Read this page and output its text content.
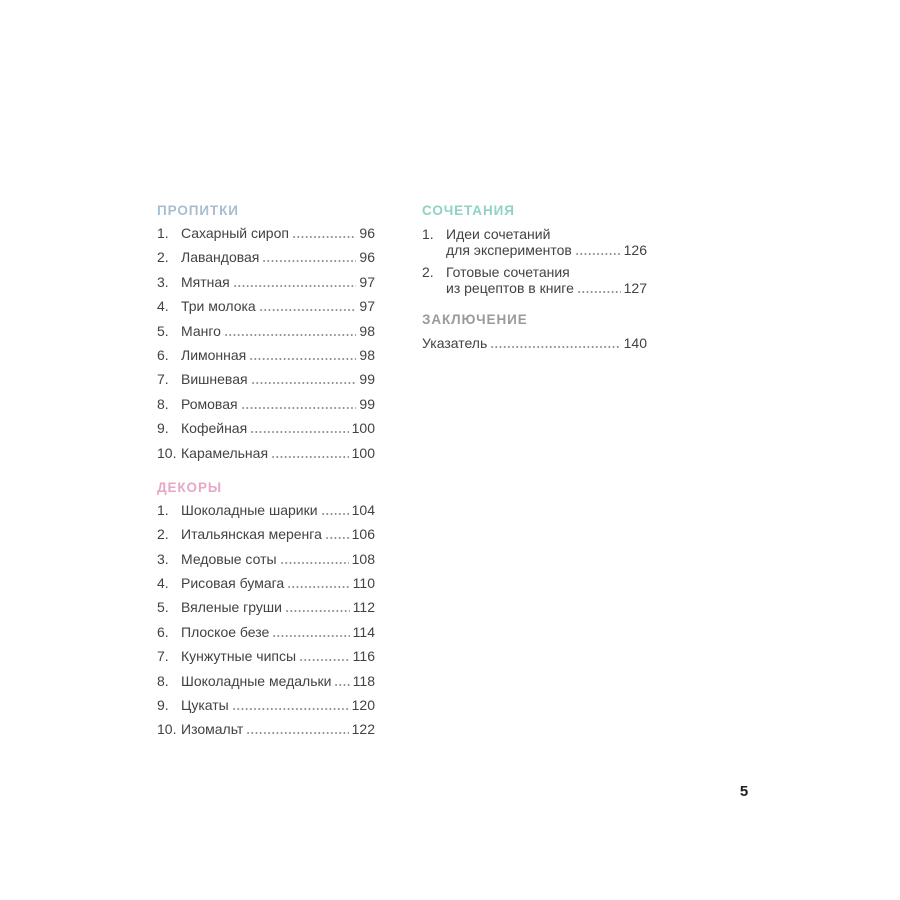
ПРОПИТКИ
1. Сахарный сироп	96
2. Лавандовая	96
3. Мятная	97
4. Три молока	97
5. Манго	98
6. Лимонная	98
7. Вишневая	99
8. Ромовая	99
9. Кофейная	100
10. Карамельная	100
ДЕКОРЫ
1. Шоколадные шарики 104
2. Итальянская меренга 106
3. Медовые соты	108
4. Рисовая бумага	110
5. Вяленые груши	112
6. Плоское безе	114
7. Кунжутные чипсы	116
8. Шоколадные медальки 118
9. Цукаты	120
10. Изомальт	122
СОЧЕТАНИЯ
1. Идеи сочетаний
для экспериментов	126
2. Готовые сочетания
из рецептов в книге	127
ЗАКЛЮЧЕНИЕ
Указатель	140
5
